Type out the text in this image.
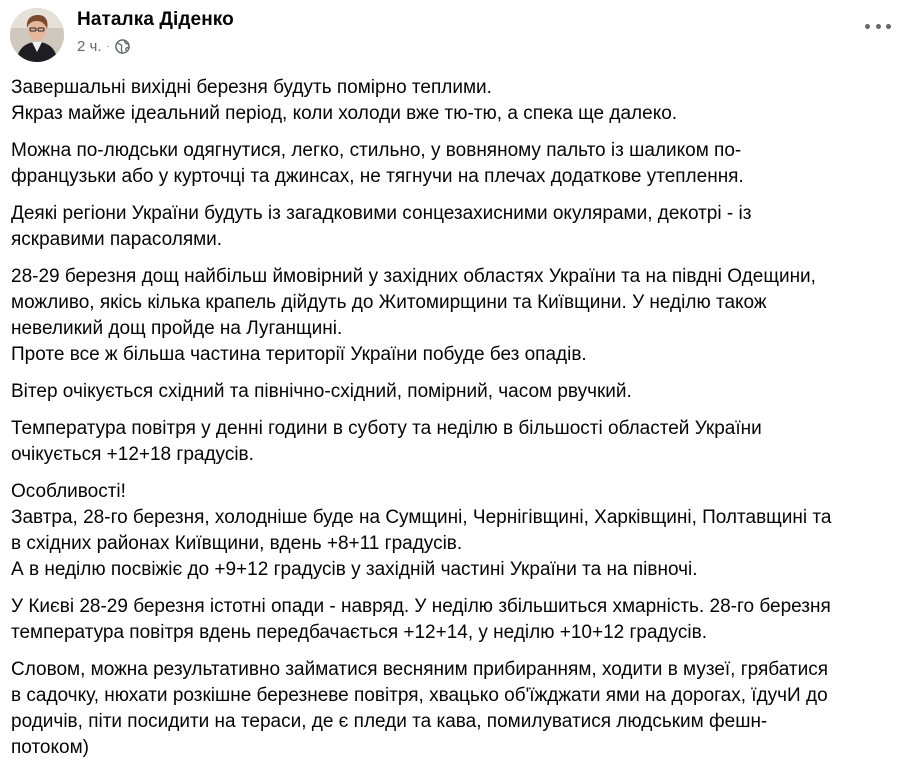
Наталка Діденко
2 ч. ·

Завершальні вихідні березня будуть помірно теплими.
Якраз майже ідеальний період, коли холоди вже тю-тю, а спека ще далеко.

Можна по-людськи одягнутися, легко, стильно, у вовняному пальто із шаликом по-
французьки або у курточці та джинсах, не тягнучи на плечах додаткове утеплення.

Деякі регіони України будуть із загадковими сонцезахисними окулярами, декотрі - із
яскравими парасолями.

28-29 березня дощ найбільш ймовірний у західних областях України та на півдні Одещини,
можливо, якісь кілька крапель дійдуть до Житомирщини та Київщини. У неділю також
невеликий дощ пройде на Луганщині.
Проте все ж більша частина території України побуде без опадів.

Вітер очікується східний та північно-східний, помірний, часом рвучкий.

Температура повітря у денні години в суботу та неділю в більшості областей України
очікується +12+18 градусів.

Особливості!
Завтра, 28-го березня, холодніше буде на Сумщині, Чернігівщині, Харківщині, Полтавщині та
в східних районах Київщини, вдень +8+11 градусів.
А в неділю посвіжіє до +9+12 градусів у західній частині України та на півночі.

У Києві 28-29 березня істотні опади - навряд. У неділю збільшиться хмарність. 28-го березня
температура повітря вдень передбачається +12+14, у неділю +10+12 градусів.

Словом, можна результативно займатися весняним прибиранням, ходити в музеї, грябатися
в садочку, нюхати розкішне березневе повітря, хвацько об'їжджати ями на дорогах, їдучИ до
родичів, піти посидити на тераси, де є пледи та кава, помилуватися людським фешн-
потоком)
